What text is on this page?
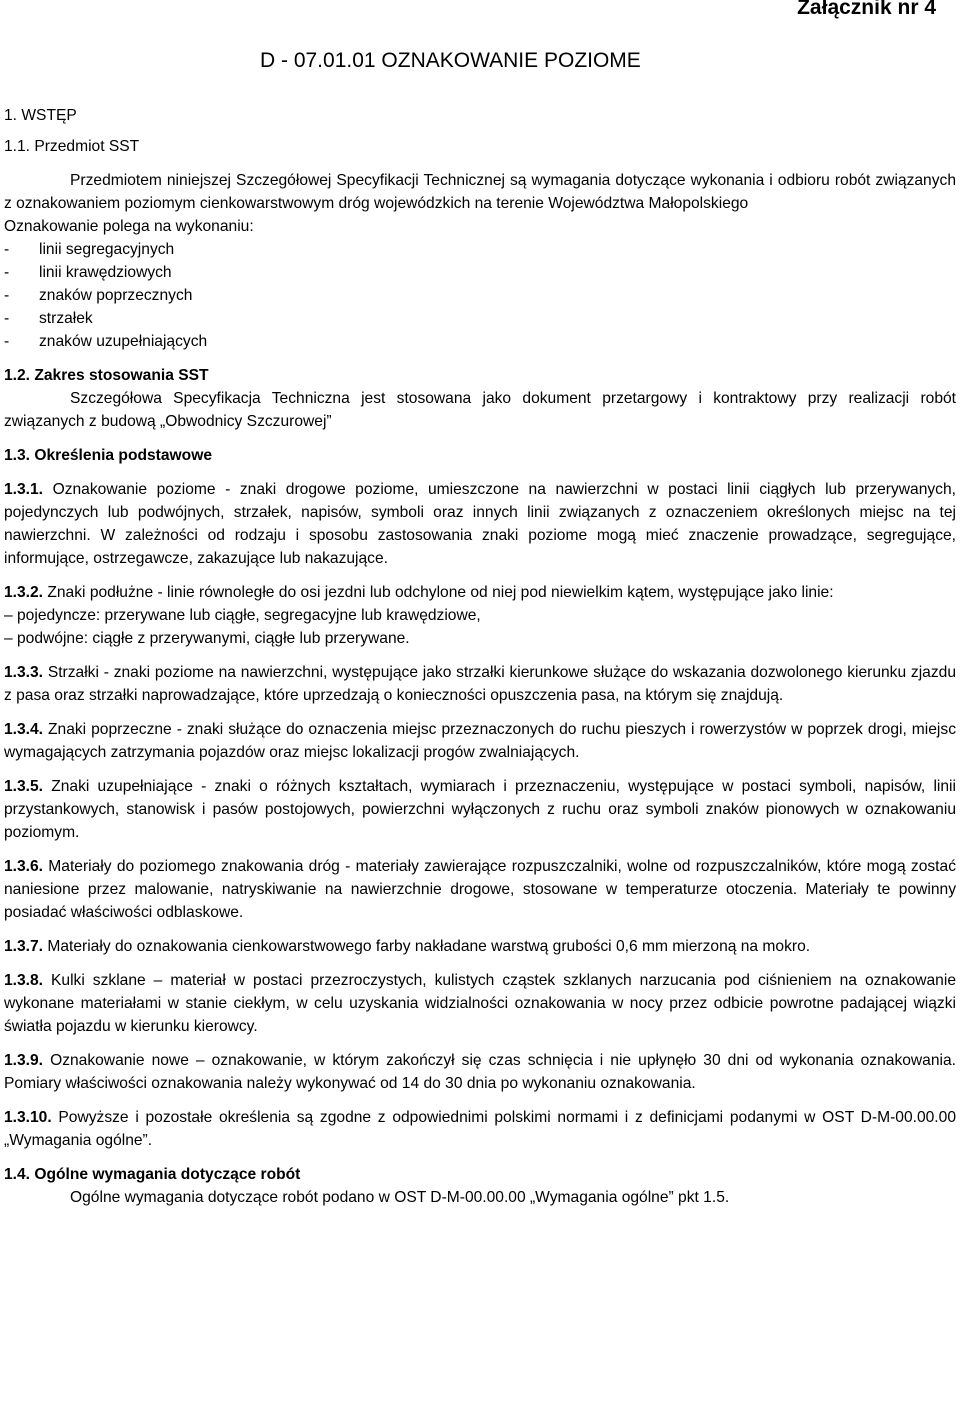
Załącznik nr 4
D - 07.01.01 OZNAKOWANIE POZIOME
1. WSTĘP
1.1. Przedmiot SST

Przedmiotem niniejszej Szczegółowej Specyfikacji Technicznej są wymagania dotyczące wykonania i odbioru robót związanych z oznakowaniem poziomym cienkowarstwowym dróg wojewódzkich na terenie Województwa Małopolskiego

Oznakowanie polega na wykonaniu:

-	linii segregacyjnych
-	linii krawędziowych
-	znaków poprzecznych
-	strzałek
-	znaków uzupełniających
1.2. Zakres stosowania SST

Szczegółowa Specyfikacja Techniczna jest stosowana jako dokument przetargowy i kontraktowy przy realizacji robót związanych z budową „Obwodnicy Szczurowej”

1.3. Określenia podstawowe

1.3.1. Oznakowanie poziome - znaki drogowe poziome, umieszczone na nawierzchni w postaci linii ciągłych lub przerywanych, pojedynczych lub podwójnych, strzałek, napisów, symboli oraz innych linii związanych z oznaczeniem określonych miejsc na tej nawierzchni. W zależności od rodzaju i sposobu zastosowania znaki poziome mogą mieć znaczenie prowadzące, segregujące, informujące, ostrzegawcze, zakazujące lub nakazujące.

1.3.2. Znaki podłużne - linie równoległe do osi jezdni lub odchylone od niej pod niewielkim kątem, występujące jako linie:

– pojedyncze: przerywane lub ciągłe, segregacyjne lub krawędziowe,
– podwójne: ciągłe z przerywanymi, ciągłe lub przerywane.

1.3.3. Strzałki - znaki poziome na nawierzchni, występujące jako strzałki kierunkowe służące do wskazania dozwolonego kierunku zjazdu z pasa oraz strzałki naprowadzające, które uprzedzają o konieczności opuszczenia pasa, na którym się znajdują.

1.3.4. Znaki poprzeczne - znaki służące do oznaczenia miejsc przeznaczonych do ruchu pieszych i rowerzystów w poprzek drogi, miejsc wymagających zatrzymania pojazdów oraz miejsc lokalizacji progów zwalniających.

1.3.5. Znaki uzupełniające - znaki o różnych kształtach, wymiarach i przeznaczeniu, występujące w postaci symboli, napisów, linii przystankowych, stanowisk i pasów postojowych, powierzchni wyłączonych z ruchu oraz symboli znaków pionowych w oznakowaniu poziomym.

1.3.6. Materiały do poziomego znakowania dróg - materiały zawierające rozpuszczalniki, wolne od rozpuszczalników, które mogą zostać naniesione przez malowanie, natryskiwanie na nawierzchnie drogowe, stosowane w temperaturze otoczenia. Materiały te powinny posiadać właściwości odblaskowe.

1.3.7. Materiały do oznakowania cienkowarstwowego farby nakładane warstwą grubości 0,6 mm mierzoną na mokro.

1.3.8. Kulki szklane – materiał w postaci przezroczystych, kulistych cząstek szklanych narzucania pod ciśnieniem na oznakowanie wykonane materiałami w stanie ciekłym, w celu uzyskania widzialności oznakowania w nocy przez odbicie powrotne padającej wiązki światła pojazdu w kierunku kierowcy.

1.3.9. Oznakowanie nowe – oznakowanie, w którym zakończył się czas schnięcia i nie upłynęło 30 dni od wykonania oznakowania. Pomiary właściwości oznakowania należy wykonywać od 14 do 30 dnia po wykonaniu oznakowania.

1.3.10. Powyższe i pozostałe określenia są zgodne z odpowiednimi polskimi normami i z definicjami podanymi w OST D-M-00.00.00 „Wymagania ogólne”.

1.4. Ogólne wymagania dotyczące robót

Ogólne wymagania dotyczące robót podano w OST D-M-00.00.00 „Wymagania ogólne” pkt 1.5.
